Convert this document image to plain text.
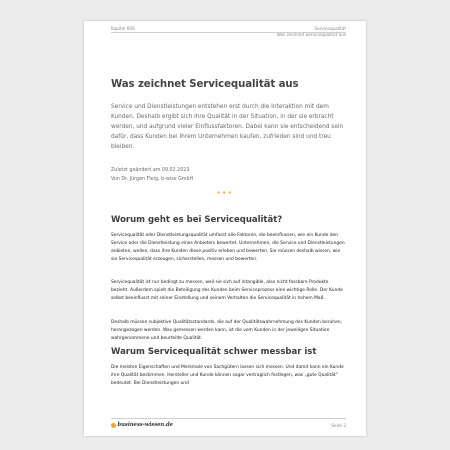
Kapitel 666	Servicequalität
Was zeichnet Servicequalität aus
Was zeichnet Servicequalität aus

Service und Dienstleistungen entstehen erst durch die Interaktion mit dem Kunden. Deshalb ergibt sich ihre Qualität in der Situation, in der sie erbracht werden, und aufgrund vieler Einflussfaktoren. Dabei kann sie entscheidend sein dafür, dass Kunden bei Ihrem Unternehmen kaufen, zufrieden sind und treu bleiben.

Zuletzt geändert am 09.02.2023

Von Dr. Jürgen Fleig, b-wise GmbH

•••
Worum geht es bei Servicequalität?

Servicequalität oder Dienstleistungsqualität umfasst alle Faktoren, die beeinflussen, wie ein Kunde den Service oder die Dienstleistung eines Anbieters bewertet. Unternehmen, die Service und Dienstleistungen anbieten, wollen, dass ihre Kunden diese positiv erleben und bewerten. Sie müssen deshalb wissen, wie sie Servicequalität erzeugen, sicherstellen, messen und bewerten.

Servicequalität ist nur bedingt zu messen, weil sie sich auf intangible, also nicht fassbare Produkte bezieht. Außerdem spielt die Beteiligung des Kunden beim Serviceprozess eine wichtige Rolle. Der Kunde selbst beeinflusst mit seiner Einstellung und seinem Verhalten die Servicequalität in hohem Maß.

Deshalb müssen subjektive Qualitätsstandards, die auf der Qualitätswahrnehmung des Kunden beruhen, herangezogen werden. Was gemessen werden kann, ist die vom Kunden in der jeweiligen Situation wahrgenommene und beurteilte Qualität.

Warum Servicequalität schwer messbar ist

Die meisten Eigenschaften und Merkmale von Sachgütern lassen sich messen. Und damit kann ein Kunde ihre Qualität bestimmen. Hersteller und Kunde können sogar vertraglich festlegen, was „gute Qualität“ bedeutet. Bei Dienstleistungen und

business-wissen.de	Seite 2
